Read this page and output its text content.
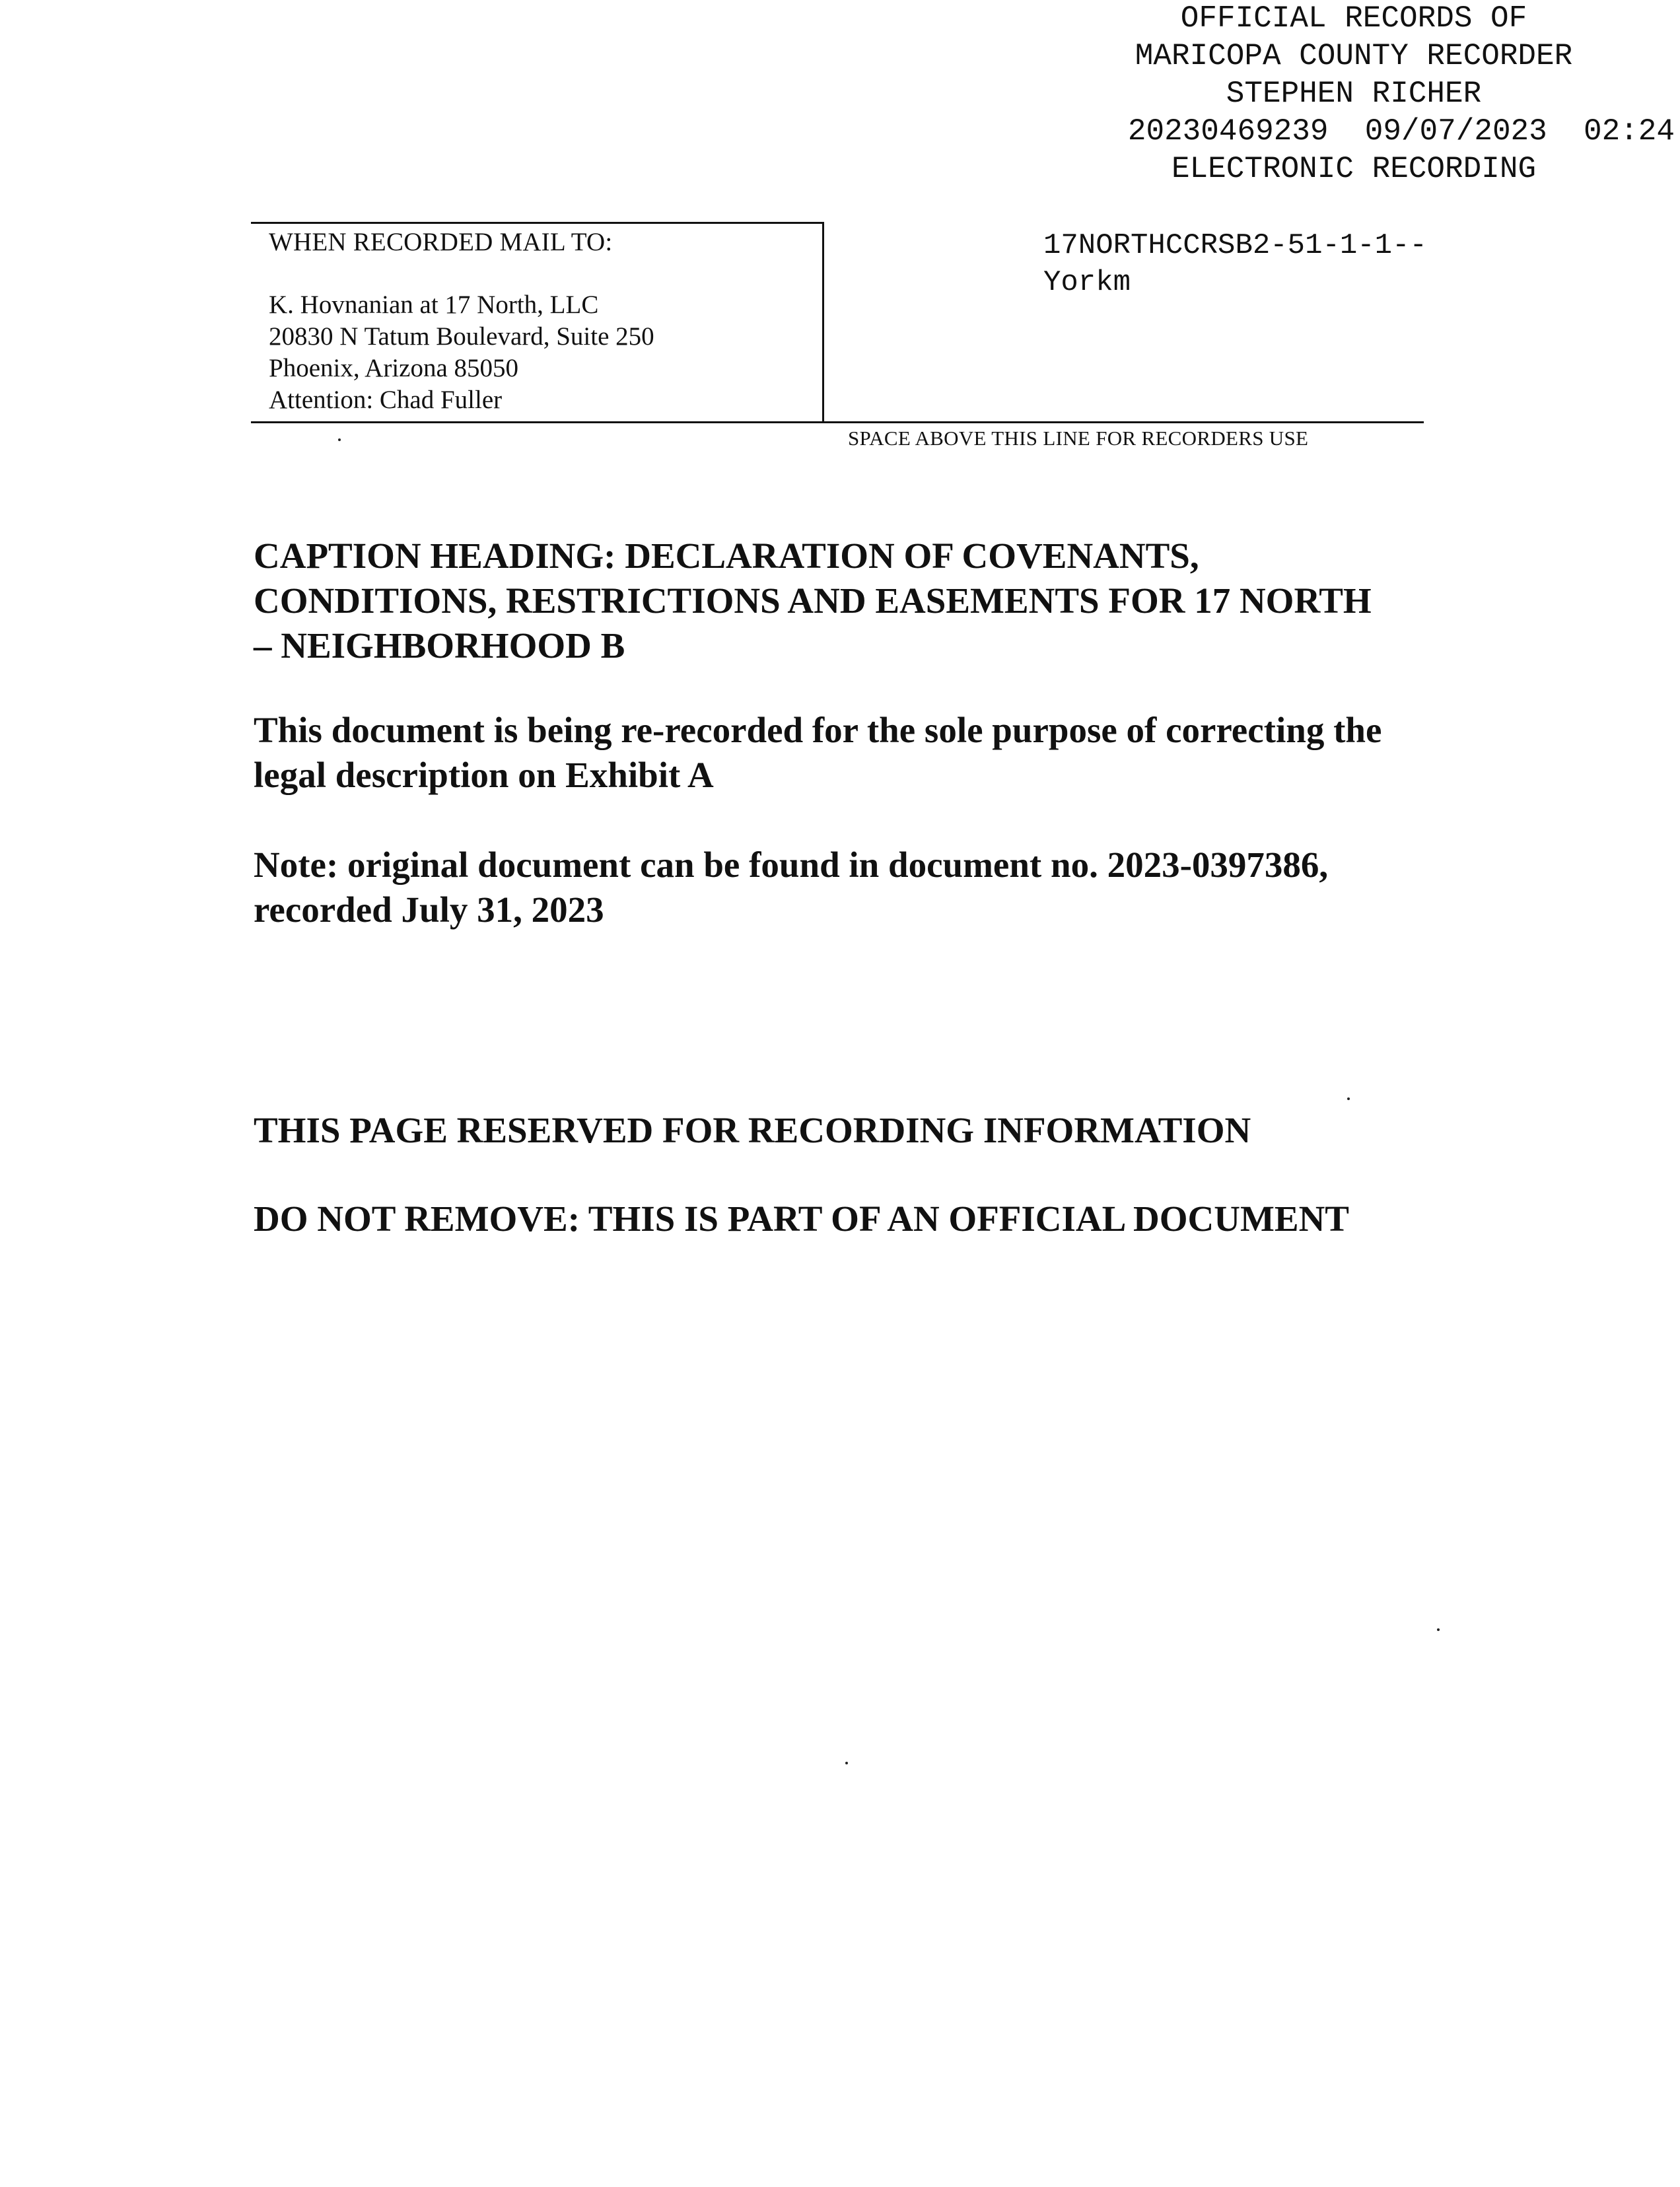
OFFICIAL RECORDS OF
MARICOPA COUNTY RECORDER
STEPHEN RICHER
20230469239  09/07/2023  02:24
ELECTRONIC RECORDING
WHEN RECORDED MAIL TO:
K. Hovnanian at 17 North, LLC
20830 N Tatum Boulevard, Suite 250
Phoenix, Arizona 85050
Attention: Chad Fuller
17NORTHCCRSB2-51-1-1--
Yorkm
SPACE ABOVE THIS LINE FOR RECORDERS USE
CAPTION HEADING: DECLARATION OF COVENANTS,
CONDITIONS, RESTRICTIONS AND EASEMENTS FOR 17 NORTH
– NEIGHBORHOOD B
This document is being re-recorded for the sole purpose of correcting the
legal description on Exhibit A
Note: original document can be found in document no. 2023-0397386,
recorded July 31, 2023
THIS PAGE RESERVED FOR RECORDING INFORMATION
DO NOT REMOVE: THIS IS PART OF AN OFFICIAL DOCUMENT
